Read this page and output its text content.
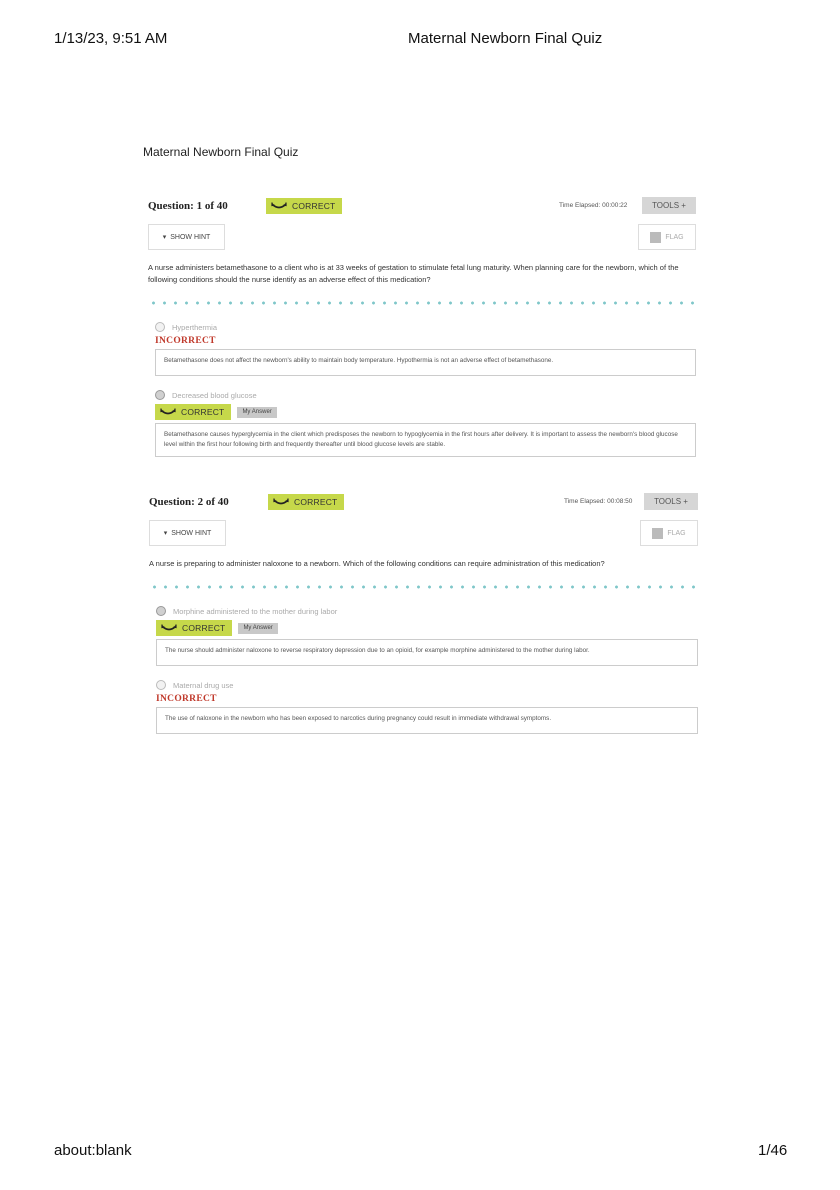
1/13/23, 9:51 AM	Maternal Newborn Final Quiz
about:blank	1/46
Maternal Newborn Final Quiz
Question: 1 of 40	CORRECT	Time Elapsed: 00:00:22	TOOLS +
▾ SHOW HINT	FLAG
A nurse administers betamethasone to a client who is at 33 weeks of gestation to stimulate fetal lung maturity. When planning care for the newborn, which of the following conditions should the nurse identify as an adverse effect of this medication?
Hyperthermia
INCORRECT
Betamethasone does not affect the newborn's ability to maintain body temperature. Hypothermia is not an adverse effect of betamethasone.
Decreased blood glucose
CORRECT	My Answer
Betamethasone causes hyperglycemia in the client which predisposes the newborn to hypoglycemia in the first hours after delivery. It is important to assess the newborn's blood glucose level within the first hour following birth and frequently thereafter until blood glucose levels are stable.
Question: 2 of 40	CORRECT	Time Elapsed: 00:08:50	TOOLS +
▾ SHOW HINT	FLAG
A nurse is preparing to administer naloxone to a newborn. Which of the following conditions can require administration of this medication?
Morphine administered to the mother during labor
CORRECT	My Answer
The nurse should administer naloxone to reverse respiratory depression due to an opioid, for example morphine administered to the mother during labor.
Maternal drug use
INCORRECT
The use of naloxone in the newborn who has been exposed to narcotics during pregnancy could result in immediate withdrawal symptoms.
